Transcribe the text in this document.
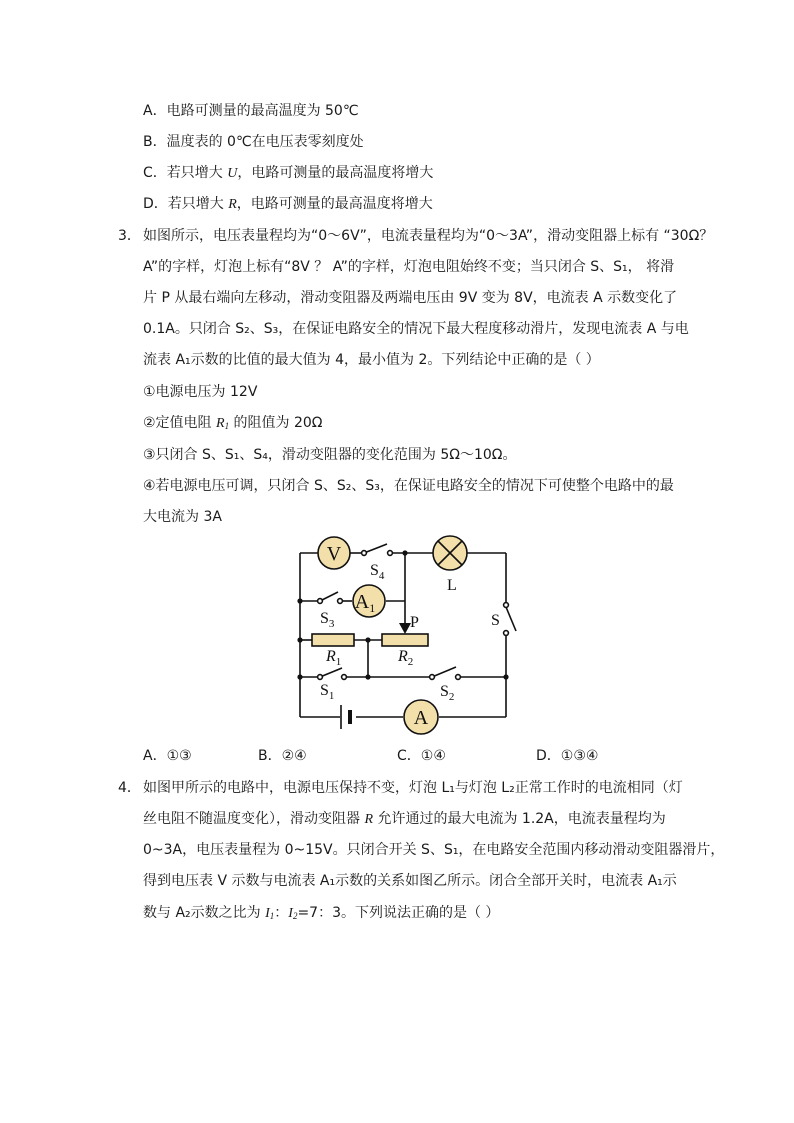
A．电路可测量的最高温度为 50℃
B．温度表的 0℃在电压表零刻度处
C．若只增大 U，电路可测量的最高温度将增大
D．若只增大 R，电路可测量的最高温度将增大
3． 如图所示，电压表量程均为“0～6V”，电流表量程均为“0～3A”，滑动变阻器上标有 “30Ω？
A”的字样，灯泡上标有“8V ？ A”的字样，灯泡电阻始终不变；当只闭合 S、S₁， 将滑
片 P 从最右端向左移动，滑动变阻器及两端电压由 9V 变为 8V，电流表 A 示数变化了
0.1A。只闭合 S₂、S₃，在保证电路安全的情况下最大程度移动滑片，发现电流表 A 与电
流表 A₁示数的比值的最大值为 4，最小值为 2。下列结论中正确的是（ ）
①电源电压为 12V
②定值电阻 $R_1$ 的阻值为 20Ω
③只闭合 S、S₁、S₄，滑动变阻器的变化范围为 5Ω～10Ω。
④若电源电压可调，只闭合 S、S₂、S₃，在保证电路安全的情况下可使整个电路中的最
大电流为 3A
V
$S_4$
L
S
$S_3$
$A_1$
P
$R_1$	$R_2$
$S_1$	$S_2$
A
A．①③	B．②④	C．①④	D．①③④
4． 如图甲所示的电路中，电源电压保持不变，灯泡 L₁与灯泡 L₂正常工作时的电流相同（灯
丝电阻不随温度变化），滑动变阻器 R 允许通过的最大电流为 1.2A，电流表量程均为
0~3A，电压表量程为 0~15V。只闭合开关 S、S₁，在电路安全范围内移动滑动变阻器滑片，
得到电压表 V 示数与电流表 A₁示数的关系如图乙所示。闭合全部开关时，电流表 A₁示
数与 A₂示数之比为 $I_1$：$I_2=7$：3。下列说法正确的是（ ）
